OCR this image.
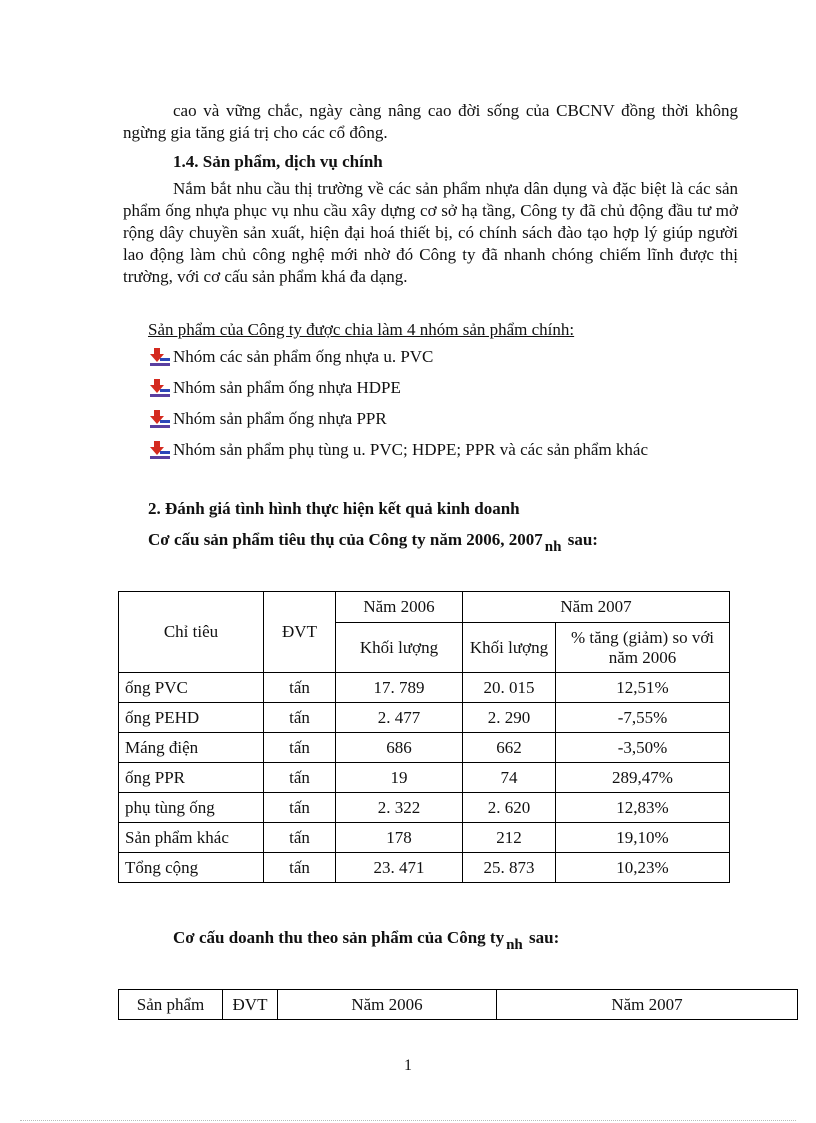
cao và vững chắc, ngày càng nâng cao đời sống của CBCNV đồng thời không ngừng gia tăng giá trị cho các cổ đông.

1.4. Sản phẩm, dịch vụ chính

Nắm bắt nhu cầu thị trường về các sản phẩm nhựa dân dụng và đặc biệt là các sản phẩm ống nhựa phục vụ nhu cầu xây dựng cơ sở hạ tầng, Công ty đã chủ động đầu tư mở rộng dây chuyền sản xuất, hiện đại hoá thiết bị, có chính sách đào tạo hợp lý giúp người lao động làm chủ công nghệ mới nhờ đó Công ty đã nhanh chóng chiếm lĩnh được thị trường, với cơ cấu sản phẩm khá đa dạng.

Sản phẩm của Công ty được chia làm 4 nhóm sản phẩm chính:
Nhóm các sản phẩm ống nhựa u. PVC
Nhóm sản phẩm ống nhựa HDPE
Nhóm sản phẩm ống nhựa PPR
Nhóm sản phẩm phụ tùng u. PVC; HDPE; PPR và các sản phẩm khác
2. Đánh giá tình hình thực hiện kết quả kinh doanh
Cơ cấu sản phẩm tiêu thụ của Công ty năm 2006, 2007 nh sau:
Chỉ tiêu	ĐVT	Năm 2006	Năm 2007	
		Khối lượng	Khối lượng	% tăng (giảm) so với năm 2006
ống PVC	tấn	17. 789	20. 015	12,51%
ống PEHD	tấn	2. 477	2. 290	-7,55%
Máng điện	tấn	686	662	-3,50%
ống PPR	tấn	19	74	289,47%
phụ tùng ống	tấn	2. 322	2. 620	12,83%
Sản phẩm khác	tấn	178	212	19,10%
Tổng cộng	tấn	23. 471	25. 873	10,23%
Cơ cấu doanh thu theo sản phẩm của Công ty nh sau:
Sản phẩm	ĐVT	Năm 2006	Năm 2007
1
